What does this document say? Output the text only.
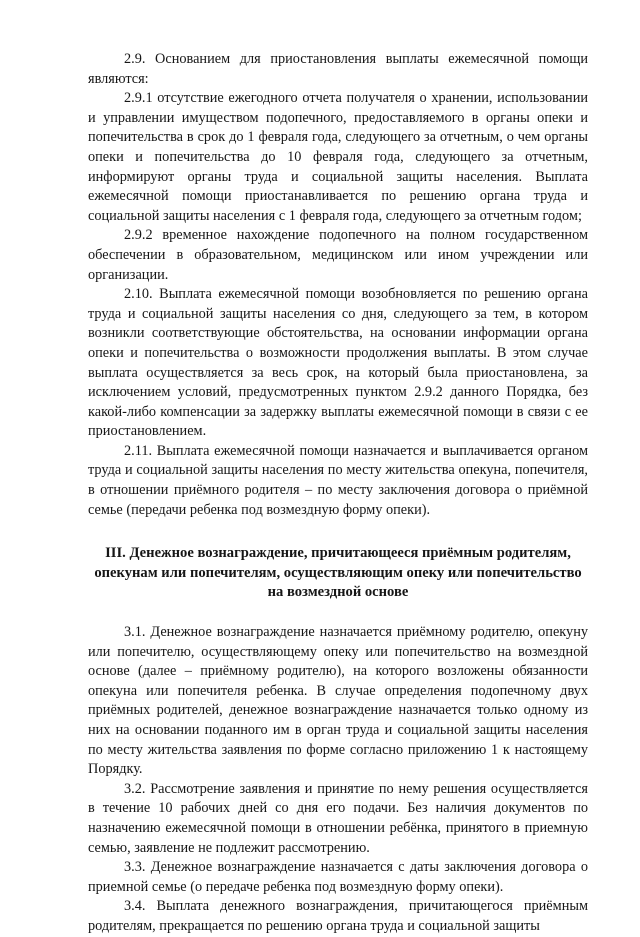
2.9. Основанием для приостановления выплаты ежемесячной помощи являются:

2.9.1 отсутствие ежегодного отчета получателя о хранении, использовании и управлении имуществом подопечного, предоставляемого в органы опеки и попечительства в срок до 1 февраля года, следующего за отчетным, о чем органы опеки и попечительства до 10 февраля года, следующего за отчетным, информируют органы труда и социальной защиты населения. Выплата ежемесячной помощи приостанавливается по решению органа труда и социальной защиты населения с 1 февраля года, следующего за отчетным годом;

2.9.2 временное нахождение подопечного на полном государственном обеспечении в образовательном, медицинском или ином учреждении или организации.

2.10. Выплата ежемесячной помощи возобновляется по решению органа труда и социальной защиты населения со дня, следующего за тем, в котором возникли соответствующие обстоятельства, на основании информации органа опеки и попечительства о возможности продолжения выплаты. В этом случае выплата осуществляется за весь срок, на который была приостановлена, за исключением условий, предусмотренных пунктом 2.9.2 данного Порядка, без какой-либо компенсации за задержку выплаты ежемесячной помощи в связи с ее приостановлением.

2.11. Выплата ежемесячной помощи назначается и выплачивается органом труда и социальной защиты населения по месту жительства опекуна, попечителя, в отношении приёмного родителя – по месту заключения договора о приёмной семье (передачи ребенка под возмездную форму опеки).

III. Денежное вознаграждение, причитающееся приёмным родителям,
опекунам или попечителям, осуществляющим опеку или попечительство
на возмездной основе

3.1. Денежное вознаграждение назначается приёмному родителю, опекуну или попечителю, осуществляющему опеку или попечительство на возмездной основе (далее – приёмному родителю), на которого возложены обязанности опекуна или попечителя ребенка. В случае определения подопечному двух приёмных родителей, денежное вознаграждение назначается только одному из них на основании поданного им в орган труда и социальной защиты населения по месту жительства заявления по форме согласно приложению 1 к настоящему Порядку.

3.2. Рассмотрение заявления и принятие по нему решения осуществляется в течение 10 рабочих дней со дня его подачи. Без наличия документов по назначению ежемесячной помощи в отношении ребёнка, принятого в приемную семью, заявление не подлежит рассмотрению.

3.3. Денежное вознаграждение назначается с даты заключения договора о приемной семье (о передаче ребенка под возмездную форму опеки).

3.4. Выплата денежного вознаграждения, причитающегося приёмным родителям, прекращается по решению органа труда и социальной защиты
